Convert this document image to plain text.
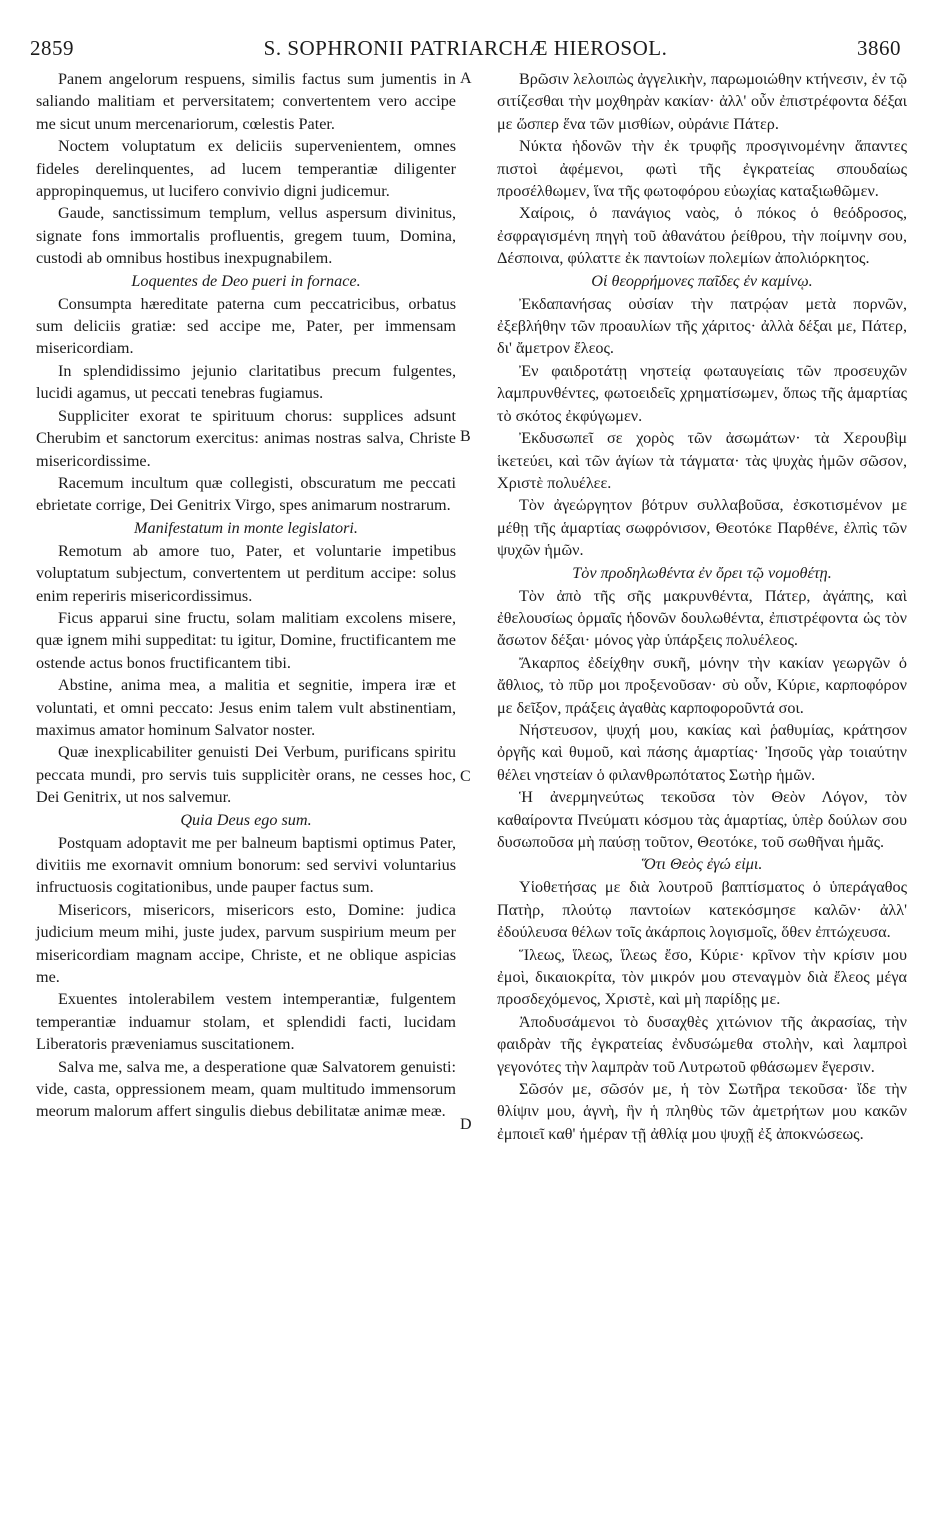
2859	S. SOPHRONII PATRIARCHÆ HIEROSOL.	3860
A
B
C
D

Panem angelorum respuens, similis factus sum jumentis in saliando malitiam et perversitatem; convertentem vero accipe me sicut unum mercenariorum, cœlestis Pater.

Noctem voluptatum ex deliciis supervenientem, omnes fideles derelinquentes, ad lucem temperantiæ diligenter appropinquemus, ut lucifero convivio digni judicemur.

Gaude, sanctissimum templum, vellus aspersum divinitus, signate fons immortalis profluentis, gregem tuum, Domina, custodi ab omnibus hostibus inexpugnabilem.

Loquentes de Deo pueri in fornace.

Consumpta hæreditate paterna cum peccatricibus, orbatus sum deliciis gratiæ: sed accipe me, Pater, per immensam misericordiam.

In splendidissimo jejunio claritatibus precum fulgentes, lucidi agamus, ut peccati tenebras fugiamus.

Suppliciter exorat te spirituum chorus: supplices adsunt Cherubim et sanctorum exercitus: animas nostras salva, Christe misericordissime.

Racemum incultum quæ collegisti, obscuratum me peccati ebrietate corrige, Dei Genitrix Virgo, spes animarum nostrarum.

Manifestatum in monte legislatori.

Remotum ab amore tuo, Pater, et voluntarie impetibus voluptatum subjectum, convertentem ut perditum accipe: solus enim reperiris misericordissimus.

Ficus apparui sine fructu, solam malitiam excolens misere, quæ ignem mihi suppeditat: tu igitur, Domine, fructificantem me ostende actus bonos fructificantem tibi.

Abstine, anima mea, a malitia et segnitie, impera iræ et voluntati, et omni peccato: Jesus enim talem vult abstinentiam, maximus amator hominum Salvator noster.

Quæ inexplicabiliter genuisti Dei Verbum, purificans spiritu peccata mundi, pro servis tuis supplicitèr orans, ne cesses hoc, Dei Genitrix, ut nos salvemur.

Quia Deus ego sum.

Postquam adoptavit me per balneum baptismi optimus Pater, divitiis me exornavit omnium bonorum: sed servivi voluntarius infructuosis cogitationibus, unde pauper factus sum.

Misericors, misericors, misericors esto, Domine: judica judicium meum mihi, juste judex, parvum suspirium meum per misericordiam magnam accipe, Christe, et ne oblique aspicias me.

Exuentes intolerabilem vestem intemperantiæ, fulgentem temperantiæ induamur stolam, et splendidi facti, lucidam Liberatoris præveniamus suscitationem.

Salva me, salva me, a desperatione quæ Salvatorem genuisti: vide, casta, oppressionem meam, quam multitudo immensorum meorum malorum affert singulis diebus debilitatæ animæ meæ.

Βρῶσιν λελοιπὼς ἀγγελικὴν, παρωμοιώθην κτήνεσιν, ἐν τῷ σιτίζεσθαι τὴν μοχθηρὰν κακίαν· ἀλλ' οὖν ἐπιστρέφοντα δέξαι με ὥσπερ ἕνα τῶν μισθίων, οὐράνιε Πάτερ.

Νύκτα ἡδονῶν τὴν ἐκ τρυφῆς προσγινομένην ἅπαντες πιστοὶ ἀφέμενοι, φωτὶ τῆς ἐγκρατείας σπουδαίως προσέλθωμεν, ἵνα τῆς φωτοφόρου εὐωχίας καταξιωθῶμεν.

Χαίροις, ὁ πανάγιος ναὸς, ὁ πόκος ὁ θεόδροσος, ἐσφραγισμένη πηγὴ τοῦ ἀθανάτου ῥείθρου, τὴν ποίμνην σου, Δέσποινα, φύλαττε ἐκ παντοίων πολεμίων ἀπολιόρκητος.

Οἱ θεορρήμονες παῖδες ἐν καμίνῳ.

Ἐκδαπανήσας οὐσίαν τὴν πατρῴαν μετὰ πορνῶν, ἐξεβλήθην τῶν προαυλίων τῆς χάριτος· ἀλλὰ δέξαι με, Πάτερ, δι' ἄμετρον ἔλεος.

Ἐν φαιδροτάτῃ νηστείᾳ φωταυγείαις τῶν προσευχῶν λαμπρυνθέντες, φωτοειδεῖς χρηματίσωμεν, ὅπως τῆς ἁμαρτίας τὸ σκότος ἐκφύγωμεν.

Ἐκδυσωπεῖ σε χορὸς τῶν ἀσωμάτων· τὰ Χερουβὶμ ἱκετεύει, καὶ τῶν ἁγίων τὰ τάγματα· τὰς ψυχὰς ἡμῶν σῶσον, Χριστὲ πολυέλεε.

Τὸν ἀγεώργητον βότρυν συλλαβοῦσα, ἐσκοτισμένον με μέθῃ τῆς ἁμαρτίας σωφρόνισον, Θεοτόκε Παρθένε, ἐλπὶς τῶν ψυχῶν ἡμῶν.

Τὸν προδηλωθέντα ἐν ὄρει τῷ νομοθέτῃ.

Τὸν ἀπὸ τῆς σῆς μακρυνθέντα, Πάτερ, ἀγάπης, καὶ ἐθελουσίως ὁρμαῖς ἡδονῶν δουλωθέντα, ἐπιστρέφοντα ὡς τὸν ἄσωτον δέξαι· μόνος γὰρ ὑπάρξεις πολυέλεος.

Ἄκαρπος ἐδείχθην συκῆ, μόνην τὴν κακίαν γεωργῶν ὁ ἄθλιος, τὸ πῦρ μοι προξενοῦσαν· σὺ οὖν, Κύριε, καρποφόρον με δεῖξον, πράξεις ἀγαθὰς καρποφοροῦντά σοι.

Νήστευσον, ψυχή μου, κακίας καὶ ῥαθυμίας, κράτησον ὀργῆς καὶ θυμοῦ, καὶ πάσης ἁμαρτίας· Ἰησοῦς γὰρ τοιαύτην θέλει νηστείαν ὁ φιλανθρωπότατος Σωτὴρ ἡμῶν.

Ἡ ἀνερμηνεύτως τεκοῦσα τὸν Θεὸν Λόγον, τὸν καθαίροντα Πνεύματι κόσμου τὰς ἁμαρτίας, ὑπὲρ δούλων σου δυσωποῦσα μὴ παύσῃ τοῦτον, Θεοτόκε, τοῦ σωθῆναι ἡμᾶς.

Ὅτι Θεὸς ἐγώ εἰμι.

Υἱοθετήσας με διὰ λουτροῦ βαπτίσματος ὁ ὑπεράγαθος Πατὴρ, πλούτῳ παντοίων κατεκόσμησε καλῶν· ἀλλ' ἐδούλευσα θέλων τοῖς ἀκάρποις λογισμοῖς, ὅθεν ἐπτώχευσα.

Ἵλεως, ἵλεως, ἵλεως ἔσο, Κύριε· κρῖνον τὴν κρίσιν μου ἐμοὶ, δικαιοκρίτα, τὸν μικρόν μου στεναγμὸν διὰ ἔλεος μέγα προσδεχόμενος, Χριστὲ, καὶ μὴ παρίδῃς με.

Ἀποδυσάμενοι τὸ δυσαχθὲς χιτώνιον τῆς ἀκρασίας, τὴν φαιδρὰν τῆς ἐγκρατείας ἐνδυσώμεθα στολὴν, καὶ λαμπροὶ γεγονότες τὴν λαμπρὰν τοῦ Λυτρωτοῦ φθάσωμεν ἔγερσιν.

Σῶσόν με, σῶσόν με, ἡ τὸν Σωτῆρα τεκοῦσα· ἴδε τὴν θλίψιν μου, ἁγνὴ, ἣν ἡ πληθὺς τῶν ἀμετρήτων μου κακῶν ἐμποιεῖ καθ' ἡμέραν τῇ ἀθλίᾳ μου ψυχῇ ἐξ ἀποκνώσεως.
